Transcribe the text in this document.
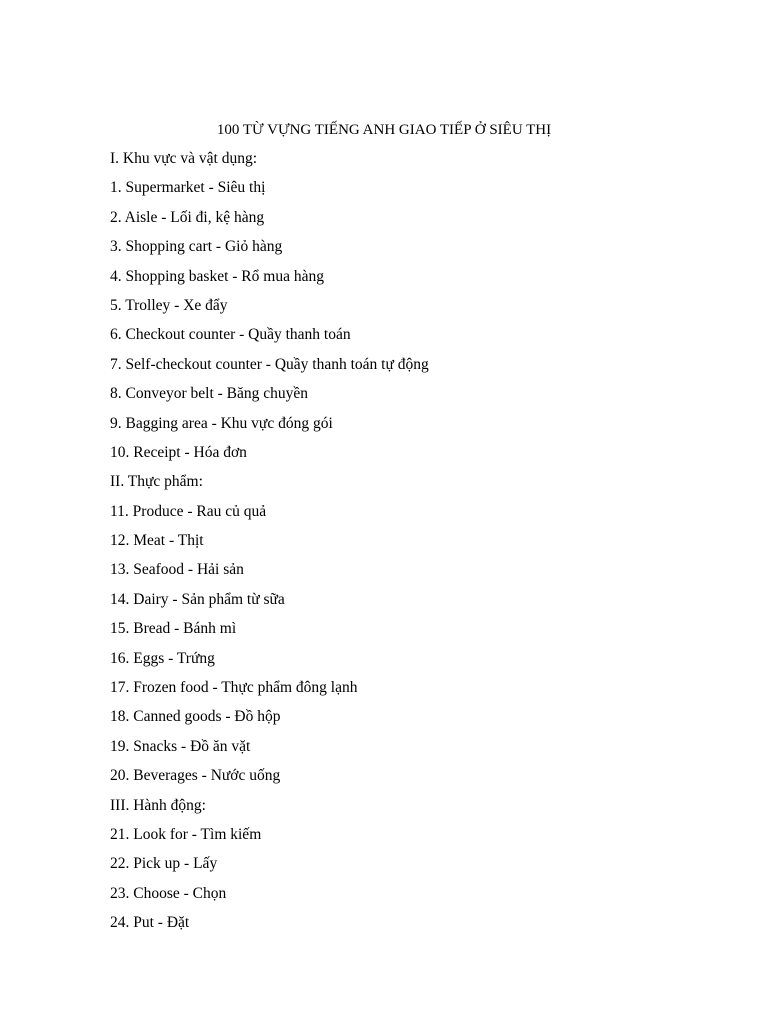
100 TỪ VỰNG TIẾNG ANH GIAO TIẾP Ở SIÊU THỊ
I. Khu vực và vật dụng:
1. Supermarket - Siêu thị
2. Aisle - Lối đi, kệ hàng
3. Shopping cart - Giỏ hàng
4. Shopping basket - Rổ mua hàng
5. Trolley - Xe đẩy
6. Checkout counter - Quầy thanh toán
7. Self-checkout counter - Quầy thanh toán tự động
8. Conveyor belt - Băng chuyền
9. Bagging area - Khu vực đóng gói
10. Receipt - Hóa đơn
II. Thực phẩm:
11. Produce - Rau củ quả
12. Meat - Thịt
13. Seafood - Hải sản
14. Dairy - Sản phẩm từ sữa
15. Bread - Bánh mì
16. Eggs - Trứng
17. Frozen food - Thực phẩm đông lạnh
18. Canned goods - Đồ hộp
19. Snacks - Đồ ăn vặt
20. Beverages - Nước uống
III. Hành động:
21. Look for - Tìm kiếm
22. Pick up - Lấy
23. Choose - Chọn
24. Put - Đặt
